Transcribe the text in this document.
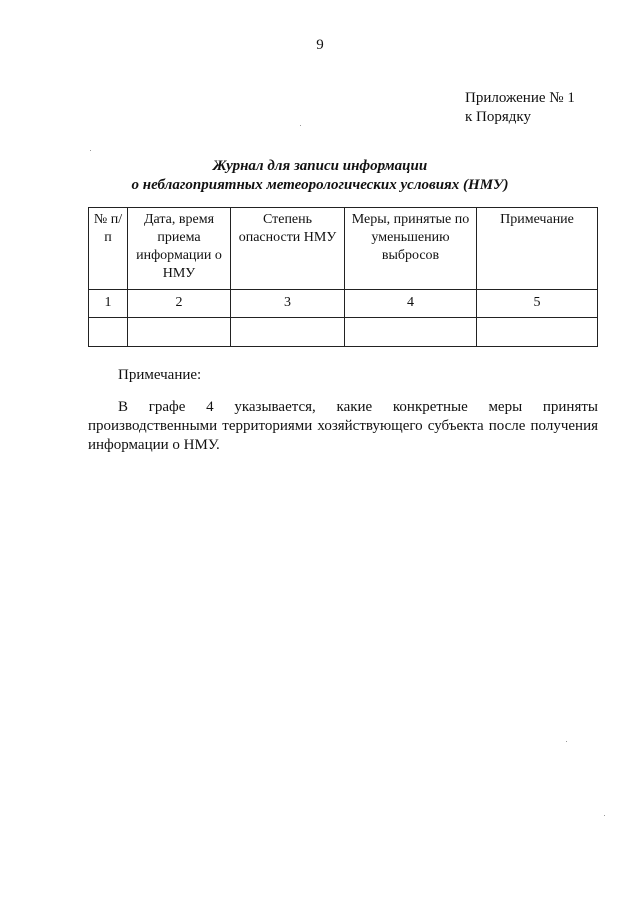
9
Приложение № 1
к Порядку
Журнал для записи информации
о неблагоприятных метеорологических условиях (НМУ)
№ п/п	Дата, время приема информации о НМУ	Степень опасности НМУ	Меры, принятые по уменьшению выбросов	Примечание
1	2	3	4	5

Примечание:
В графе 4 указывается, какие конкретные меры приняты производственными территориями хозяйствующего субъекта после получения информации о НМУ.
